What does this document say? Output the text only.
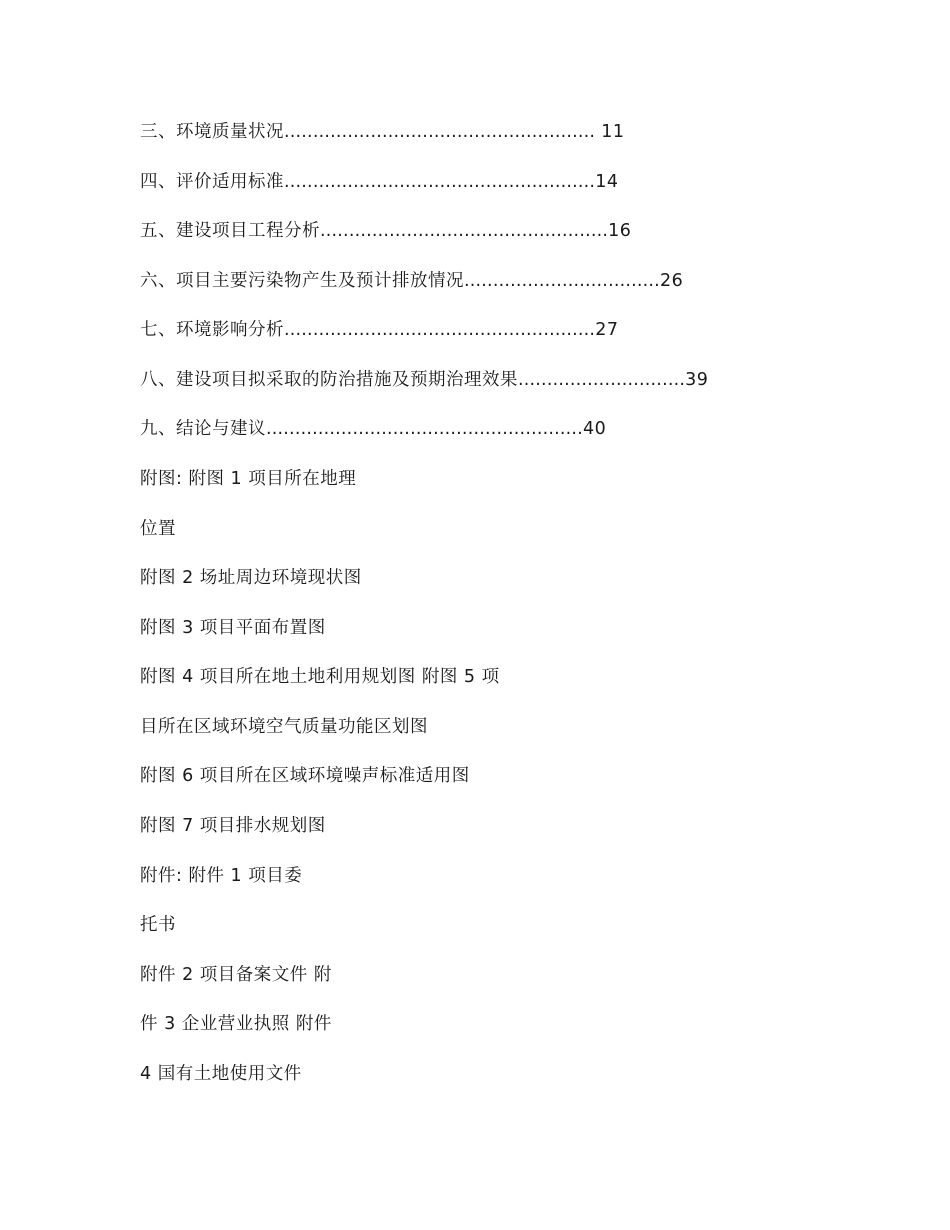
三、环境质量状况...................................................... 11
四、评价适用标准......................................................14
五、建设项目工程分析..................................................16
六、项目主要污染物产生及预计排放情况..................................26
七、环境影响分析......................................................27
八、建设项目拟采取的防治措施及预期治理效果.............................39
九、结论与建议.......................................................40
附图: 附图 1 项目所在地理
位置
附图 2 场址周边环境现状图
附图 3 项目平面布置图
附图 4 项目所在地土地利用规划图 附图 5 项
目所在区域环境空气质量功能区划图
附图 6 项目所在区域环境噪声标准适用图
附图 7 项目排水规划图
附件: 附件 1 项目委
托书
附件 2 项目备案文件 附
件 3 企业营业执照 附件
4 国有土地使用文件
